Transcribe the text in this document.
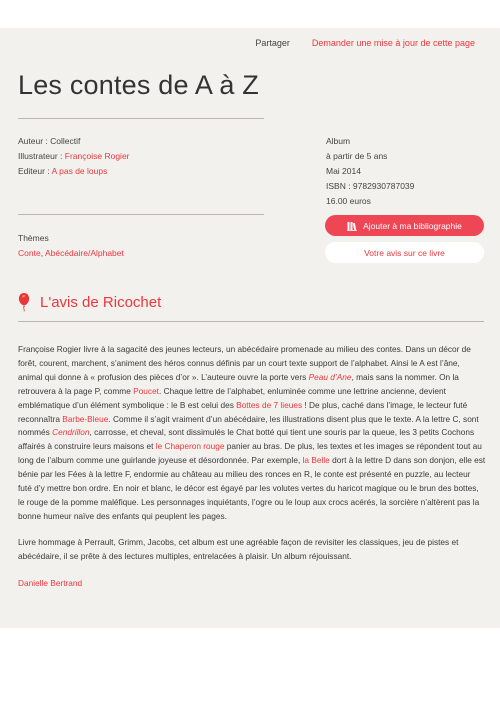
Partager Demander une mise à jour de cette page
Les contes de A à Z
Auteur : Collectif
Illustrateur : Françoise Rogier
Editeur : A pas de loups
Album
à partir de 5 ans
Mai 2014
ISBN : 9782930787039
16.00 euros
Thèmes
Conte, Abécédaire/Alphabet
Ajouter à ma bibliographie
Votre avis sur ce livre
L'avis de Ricochet

Françoise Rogier livre à la sagacité des jeunes lecteurs, un abécédaire promenade au milieu des contes. Dans un décor de forêt, courent, marchent, s’animent des héros connus définis par un court texte support de l’alphabet. Ainsi le A est l’âne, animal qui donne à « profusion des pièces d’or ». L’auteure ouvre la porte vers Peau d’Ane, mais sans la nommer. On la retrouvera à la page P, comme Poucet. Chaque lettre de l’alphabet, enluminée comme une lettrine ancienne, devient emblématique d’un élément symbolique : le B est celui des Bottes de 7 lieues ! De plus, caché dans l’image, le lecteur futé reconnaîtra Barbe-Bleue. Comme il s’agit vraiment d’un abécédaire, les illustrations disent plus que le texte. A la lettre C, sont nommés Cendrillon, carrosse, et cheval, sont dissimulés le Chat botté qui tient une souris par la queue, les 3 petits Cochons affairés à construire leurs maisons et le Chaperon rouge panier au bras. De plus, les textes et les images se répondent tout au long de l’album comme une guirlande joyeuse et désordonnée. Par exemple, la Belle dort à la lettre D dans son donjon, elle est bénie par les Fées à la lettre F, endormie au château au milieu des ronces en R, le conte est présenté en puzzle, au lecteur futé d’y mettre bon ordre. En noir et blanc, le décor est égayé par les volutes vertes du haricot magique ou le brun des bottes, le rouge de la pomme maléfique. Les personnages inquiétants, l’ogre ou le loup aux crocs acérés, la sorcière n’altèrent pas la bonne humeur naïve des enfants qui peuplent les pages.

Livre hommage à Perrault, Grimm, Jacobs, cet album est une agréable façon de revisiter les classiques, jeu de pistes et abécédaire, il se prête à des lectures multiples, entrelacées à plaisir. Un album réjouissant.

Danielle Bertrand
